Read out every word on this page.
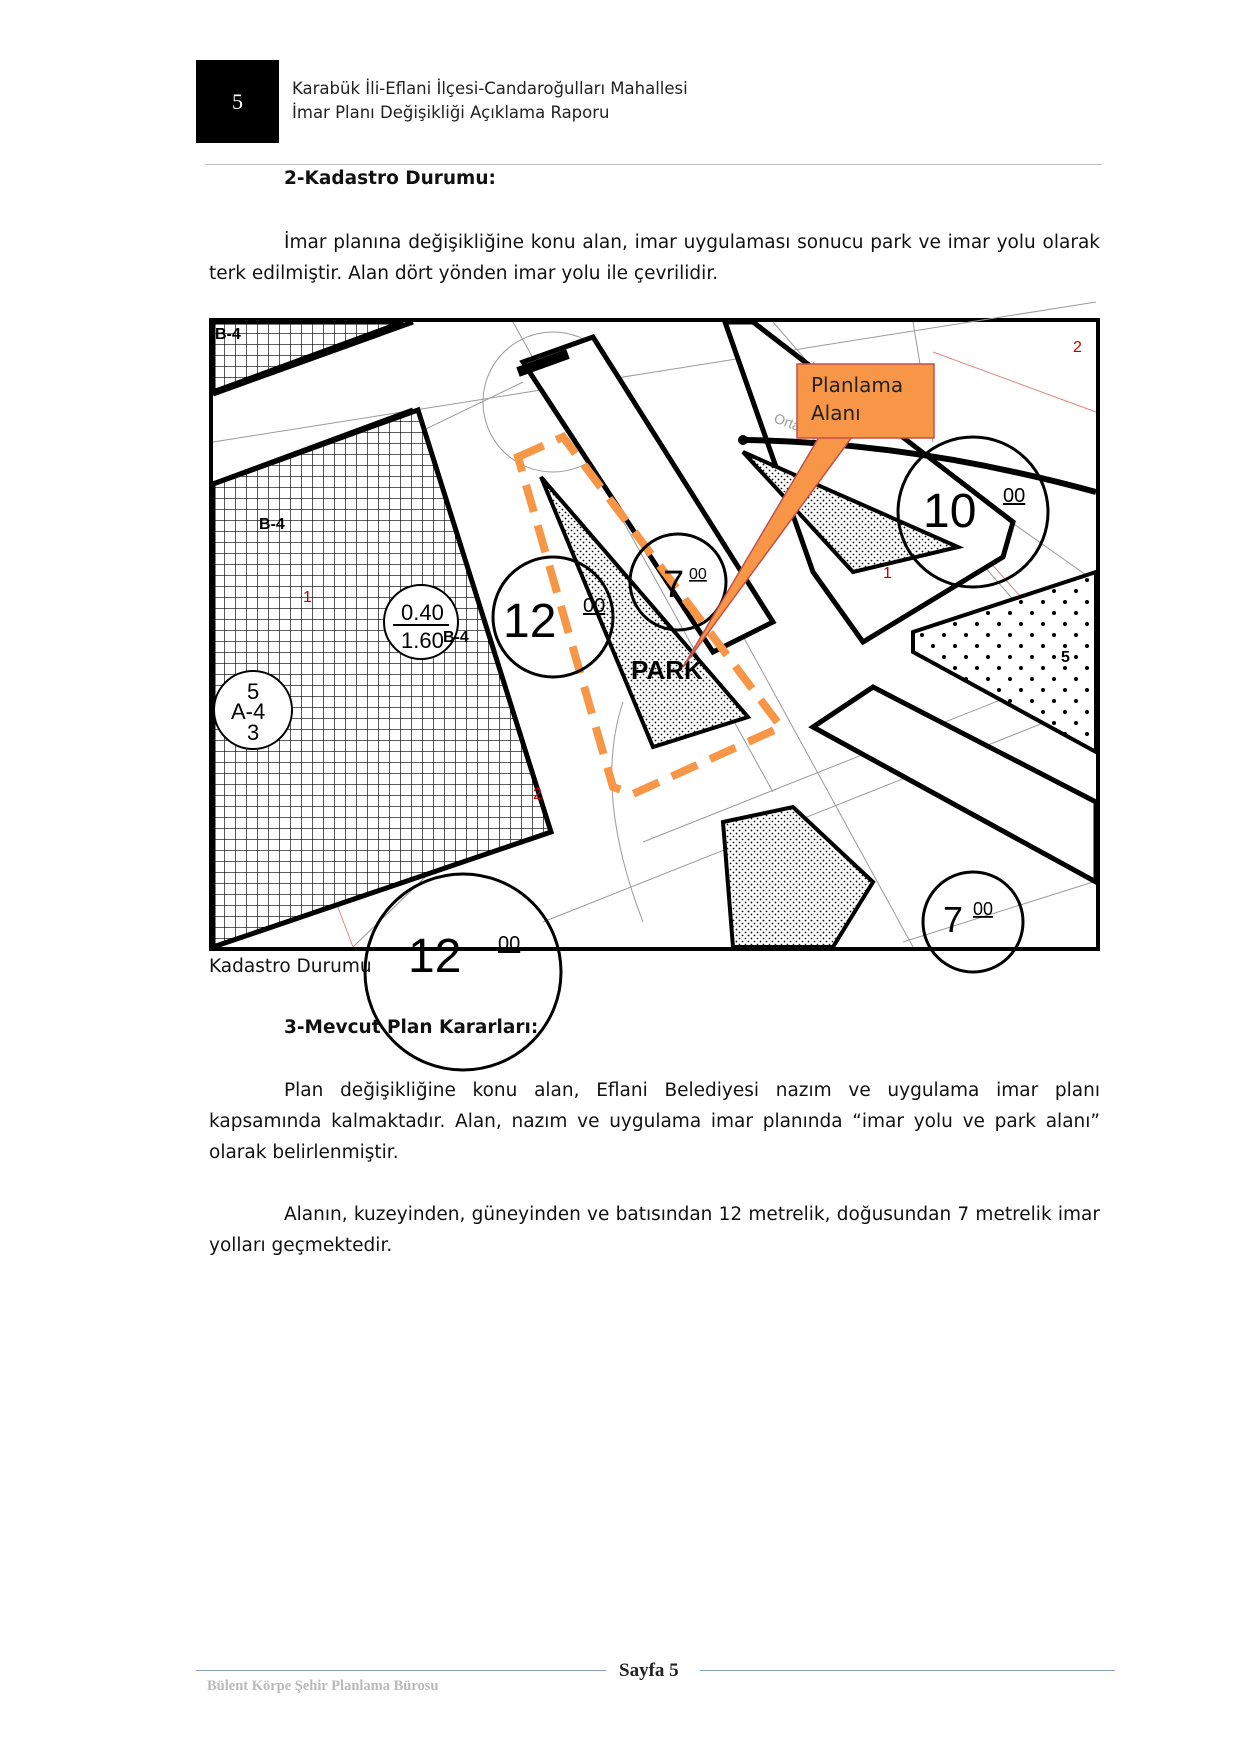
5	Karabük İli-Eflani İlçesi-Candaroğulları Mahallesi
İmar Planı Değişikliği Açıklama Raporu
2-Kadastro Durumu:

İmar planına değişikliğine konu alan, imar uygulaması sonucu park ve imar yolu olarak terk edilmiştir. Alan dört yönden imar yolu ile çevrilidir.

12 00 7 00
10 00
7 00
12 00
PARK
0.40
1.60
5
A-4
3
B-4
B-4
B-4
5
1
1
2
2
Planlama
Alanı
Kadastro Durumu
3-Mevcut Plan Kararları:

Plan değişikliğine konu alan, Eflani Belediyesi nazım ve uygulama imar planı kapsamında kalmaktadır. Alan, nazım ve uygulama imar planında “imar yolu ve park alanı” olarak belirlenmiştir.

Alanın, kuzeyinden, güneyinden ve batısından 12 metrelik, doğusundan 7 metrelik imar yolları geçmektedir.

Sayfa 5
Bülent Körpe Şehir Planlama Bürosu
